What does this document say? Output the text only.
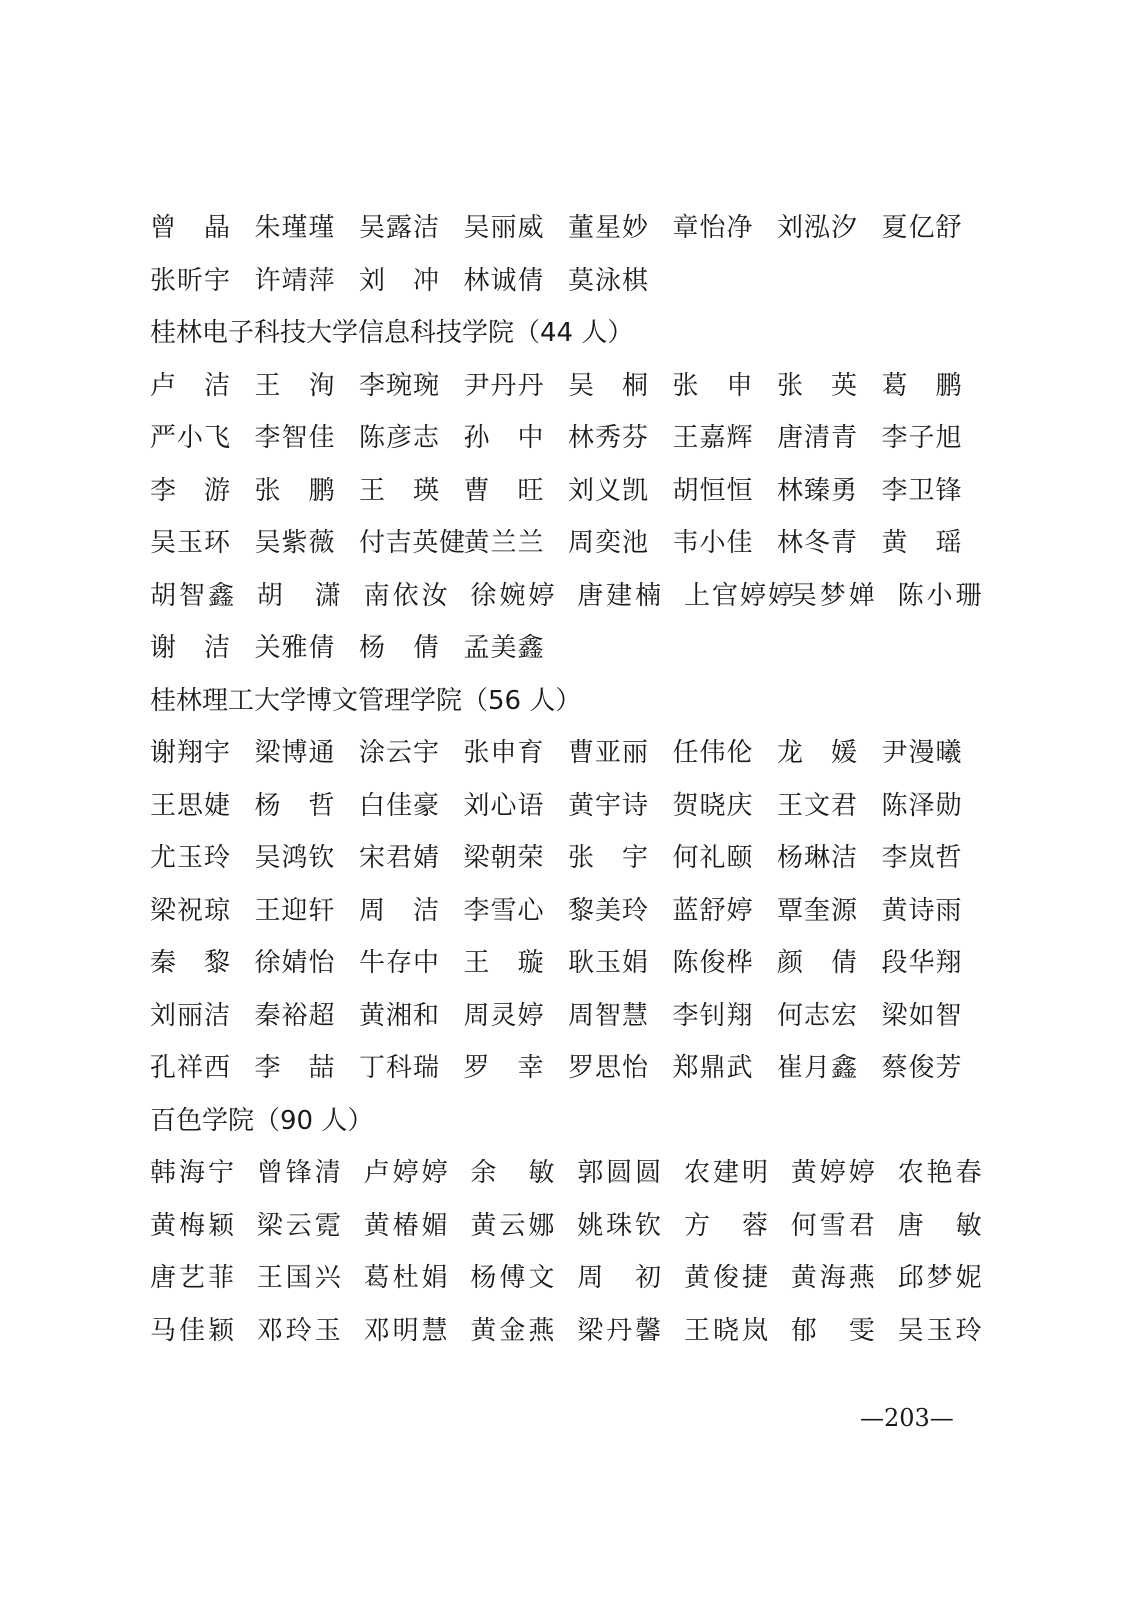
曾　晶 朱瑾瑾 吴露洁 吴丽威 董星妙 章怡净 刘泓汐 夏亿舒
张昕宇 许靖萍 刘　冲 林诚倩 莫泳棋
桂林电子科技大学信息科技学院（44 人）
卢　洁 王　洵 李琬琬 尹丹丹 吴　桐 张　申 张　英 葛　鹏
严小飞 李智佳 陈彦志 孙　中 林秀芬 王嘉辉 唐清青 李子旭
李　游 张　鹏 王　瑛 曹　旺 刘义凯 胡恒恒 林臻勇 李卫锋
吴玉环 吴紫薇 付吉英健
黄兰兰 周奕池 韦小佳 林冬青 黄　瑶
胡智鑫 胡　潇 南依汝 徐婉婷 唐建楠 上官婷婷
吴梦婵 陈小珊
谢　洁 关雅倩 杨　倩 孟美鑫
桂林理工大学博文管理学院（56 人）
谢翔宇 梁博通 涂云宇 张申育 曹亚丽 任伟伦 龙　媛 尹漫曦
王思婕 杨　哲 白佳豪 刘心语 黄宇诗 贺晓庆 王文君 陈泽勋
尤玉玲 吴鸿钦 宋君婧 梁朝荣 张　宇 何礼颐 杨琳洁 李岚哲
梁祝琼 王迎轩 周　洁 李雪心 黎美玲 蓝舒婷 覃奎源 黄诗雨
秦　黎 徐婧怡 牛存中 王　璇 耿玉娟 陈俊桦 颜　倩 段华翔
刘丽洁 秦裕超 黄湘和 周灵婷 周智慧 李钊翔 何志宏 梁如智
孔祥西 李　喆 丁科瑞 罗　幸 罗思怡 郑鼎武 崔月鑫 蔡俊芳
百色学院（90 人）
韩海宁 曾锋清 卢婷婷 余　敏 郭圆圆 农建明 黄婷婷 农艳春
黄梅颖 梁云霓 黄椿媚 黄云娜 姚珠钦 方　蓉 何雪君 唐　敏
唐艺菲 王国兴 葛杜娟 杨傅文 周　初 黄俊捷 黄海燕 邱梦妮
马佳颖 邓玲玉 邓明慧 黄金燕 梁丹馨 王晓岚 郁　雯 吴玉玲
—203—
